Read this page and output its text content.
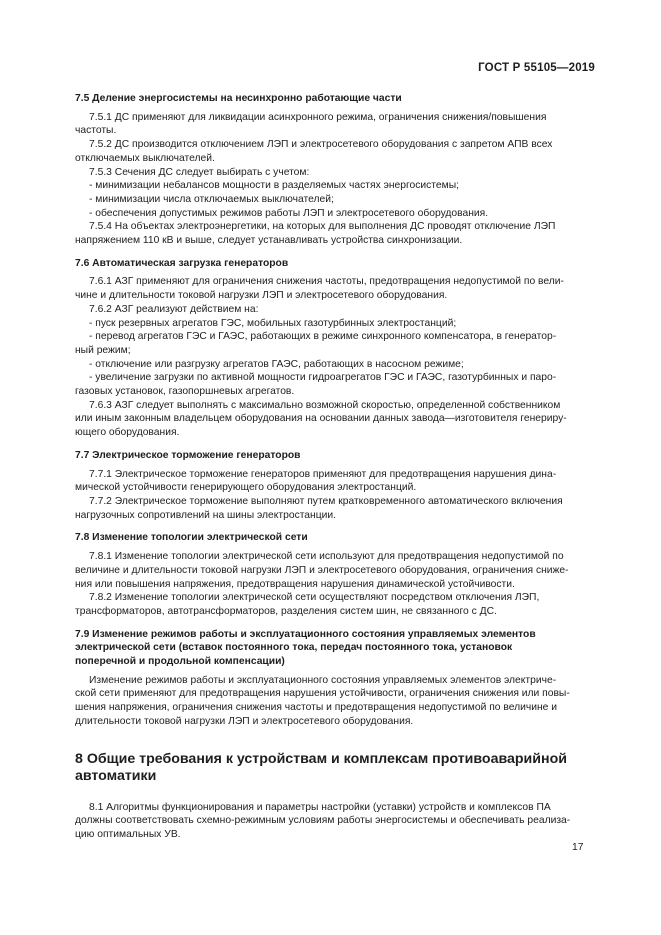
ГОСТ Р 55105—2019
7.5 Деление энергосистемы на несинхронно работающие части
7.5.1 ДС применяют для ликвидации асинхронного режима, ограничения снижения/повышения
частоты.
7.5.2 ДС производится отключением ЛЭП и электросетевого оборудования с запретом АПВ всех
отключаемых выключателей.
7.5.3 Сечения ДС следует выбирать с учетом:
- минимизации небалансов мощности в разделяемых частях энергосистемы;
- минимизации числа отключаемых выключателей;
- обеспечения допустимых режимов работы ЛЭП и электросетевого оборудования.
7.5.4 На объектах электроэнергетики, на которых для выполнения ДС проводят отключение ЛЭП
напряжением 110 кВ и выше, следует устанавливать устройства синхронизации.
7.6 Автоматическая загрузка генераторов
7.6.1 АЗГ применяют для ограничения снижения частоты, предотвращения недопустимой по вели-
чине и длительности токовой нагрузки ЛЭП и электросетевого оборудования.
7.6.2 АЗГ реализуют действием на:
- пуск резервных агрегатов ГЭС, мобильных газотурбинных электростанций;
- перевод агрегатов ГЭС и ГАЭС, работающих в режиме синхронного компенсатора, в генератор-
ный режим;
- отключение или разгрузку агрегатов ГАЭС, работающих в насосном режиме;
- увеличение загрузки по активной мощности гидроагрегатов ГЭС и ГАЭС, газотурбинных и паро-
газовых установок, газопоршневых агрегатов.
7.6.3 АЗГ следует выполнять с максимально возможной скоростью, определенной собственником
или иным законным владельцем оборудования на основании данных завода—изготовителя генериру-
ющего оборудования.
7.7 Электрическое торможение генераторов
7.7.1 Электрическое торможение генераторов применяют для предотвращения нарушения дина-
мической устойчивости генерирующего оборудования электростанций.
7.7.2 Электрическое торможение выполняют путем кратковременного автоматического включения
нагрузочных сопротивлений на шины электростанции.
7.8 Изменение топологии электрической сети
7.8.1 Изменение топологии электрической сети используют для предотвращения недопустимой по
величине и длительности токовой нагрузки ЛЭП и электросетевого оборудования, ограничения сниже-
ния или повышения напряжения, предотвращения нарушения динамической устойчивости.
7.8.2 Изменение топологии электрической сети осуществляют посредством отключения ЛЭП,
трансформаторов, автотрансформаторов, разделения систем шин, не связанного с ДС.
7.9 Изменение режимов работы и эксплуатационного состояния управляемых элементов
электрической сети (вставок постоянного тока, передач постоянного тока, установок
поперечной и продольной компенсации)
Изменение режимов работы и эксплуатационного состояния управляемых элементов электриче-
ской сети применяют для предотвращения нарушения устойчивости, ограничения снижения или повы-
шения напряжения, ограничения снижения частоты и предотвращения недопустимой по величине и
длительности токовой нагрузки ЛЭП и электросетевого оборудования.
8 Общие требования к устройствам и комплексам противоаварийной
автоматики
8.1 Алгоритмы функционирования и параметры настройки (уставки) устройств и комплексов ПА
должны соответствовать схемно-режимным условиям работы энергосистемы и обеспечивать реализа-
цию оптимальных УВ.
17
